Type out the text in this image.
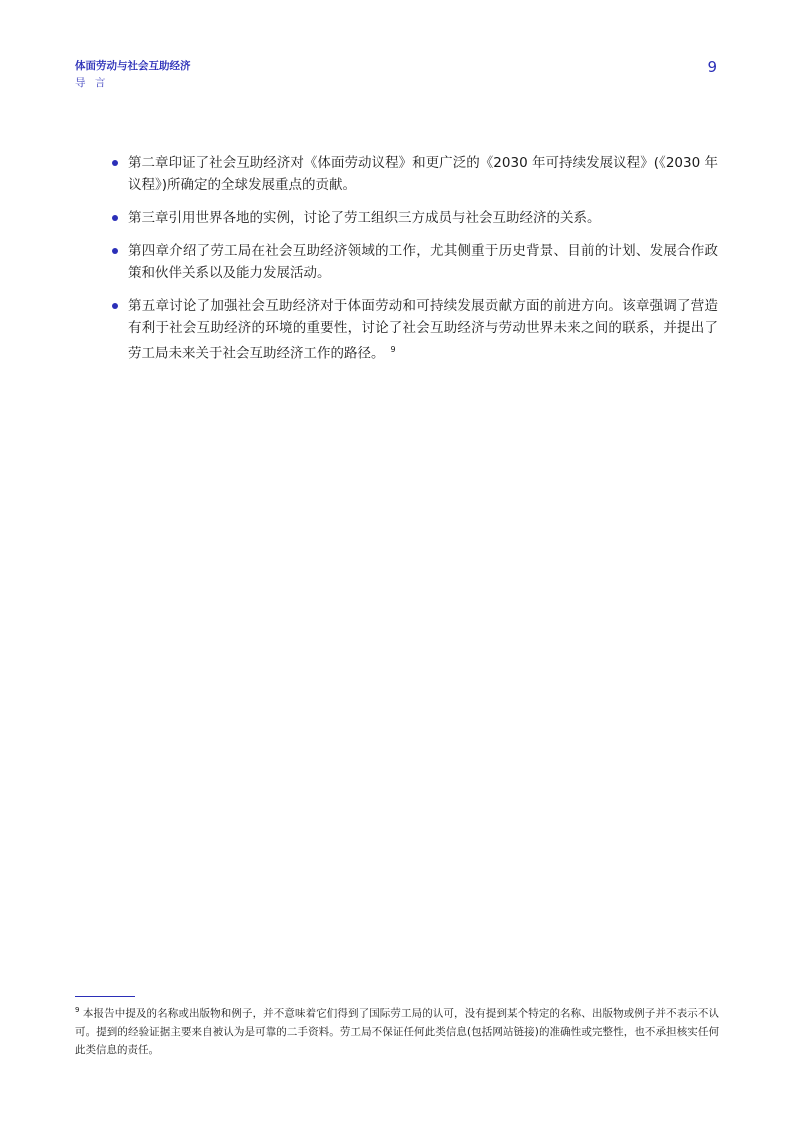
体面劳动与社会互助经济
导 言
9
第二章印证了社会互助经济对《体面劳动议程》和更广泛的《2030 年可持续发展议程》(《2030 年议程》)所确定的全球发展重点的贡献。
第三章引用世界各地的实例，讨论了劳工组织三方成员与社会互助经济的关系。
第四章介绍了劳工局在社会互助经济领域的工作，尤其侧重于历史背景、目前的计划、发展合作政策和伙伴关系以及能力发展活动。
第五章讨论了加强社会互助经济对于体面劳动和可持续发展贡献方面的前进方向。该章强调了营造有利于社会互助经济的环境的重要性，讨论了社会互助经济与劳动世界未来之间的联系，并提出了劳工局未来关于社会互助经济工作的路径。 $^9$
$^9$ 本报告中提及的名称或出版物和例子，并不意味着它们得到了国际劳工局的认可，没有提到某个特定的名称、出版物或例子并不表示不认可。提到的经验证据主要来自被认为是可靠的二手资料。劳工局不保证任何此类信息(包括网站链接)的准确性或完整性，也不承担核实任何此类信息的责任。
